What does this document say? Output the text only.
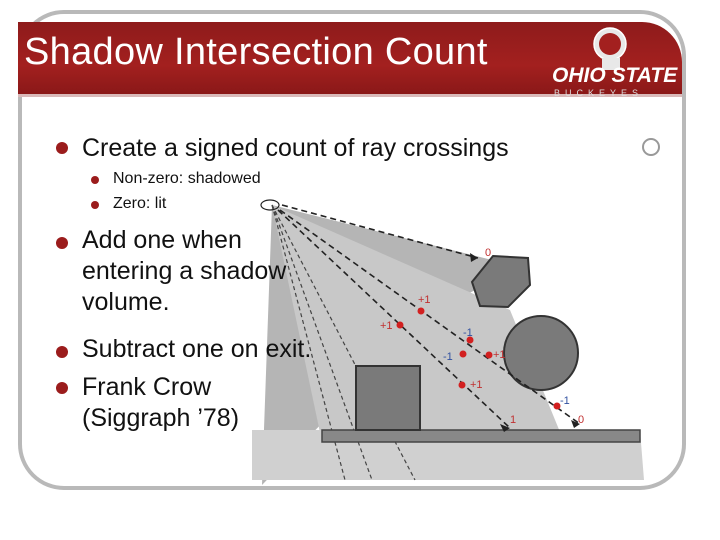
Shadow Intersection Count
OHIO STATE
BUCKEYES
0
+1
+1
-1
-1	+1
+1
-1
1	0
Create a signed count of ray crossings
Non-zero: shadowed
Zero: lit
Add one when
entering a shadow
volume.
Subtract one on exit.
Frank Crow
(Siggraph ’78)
